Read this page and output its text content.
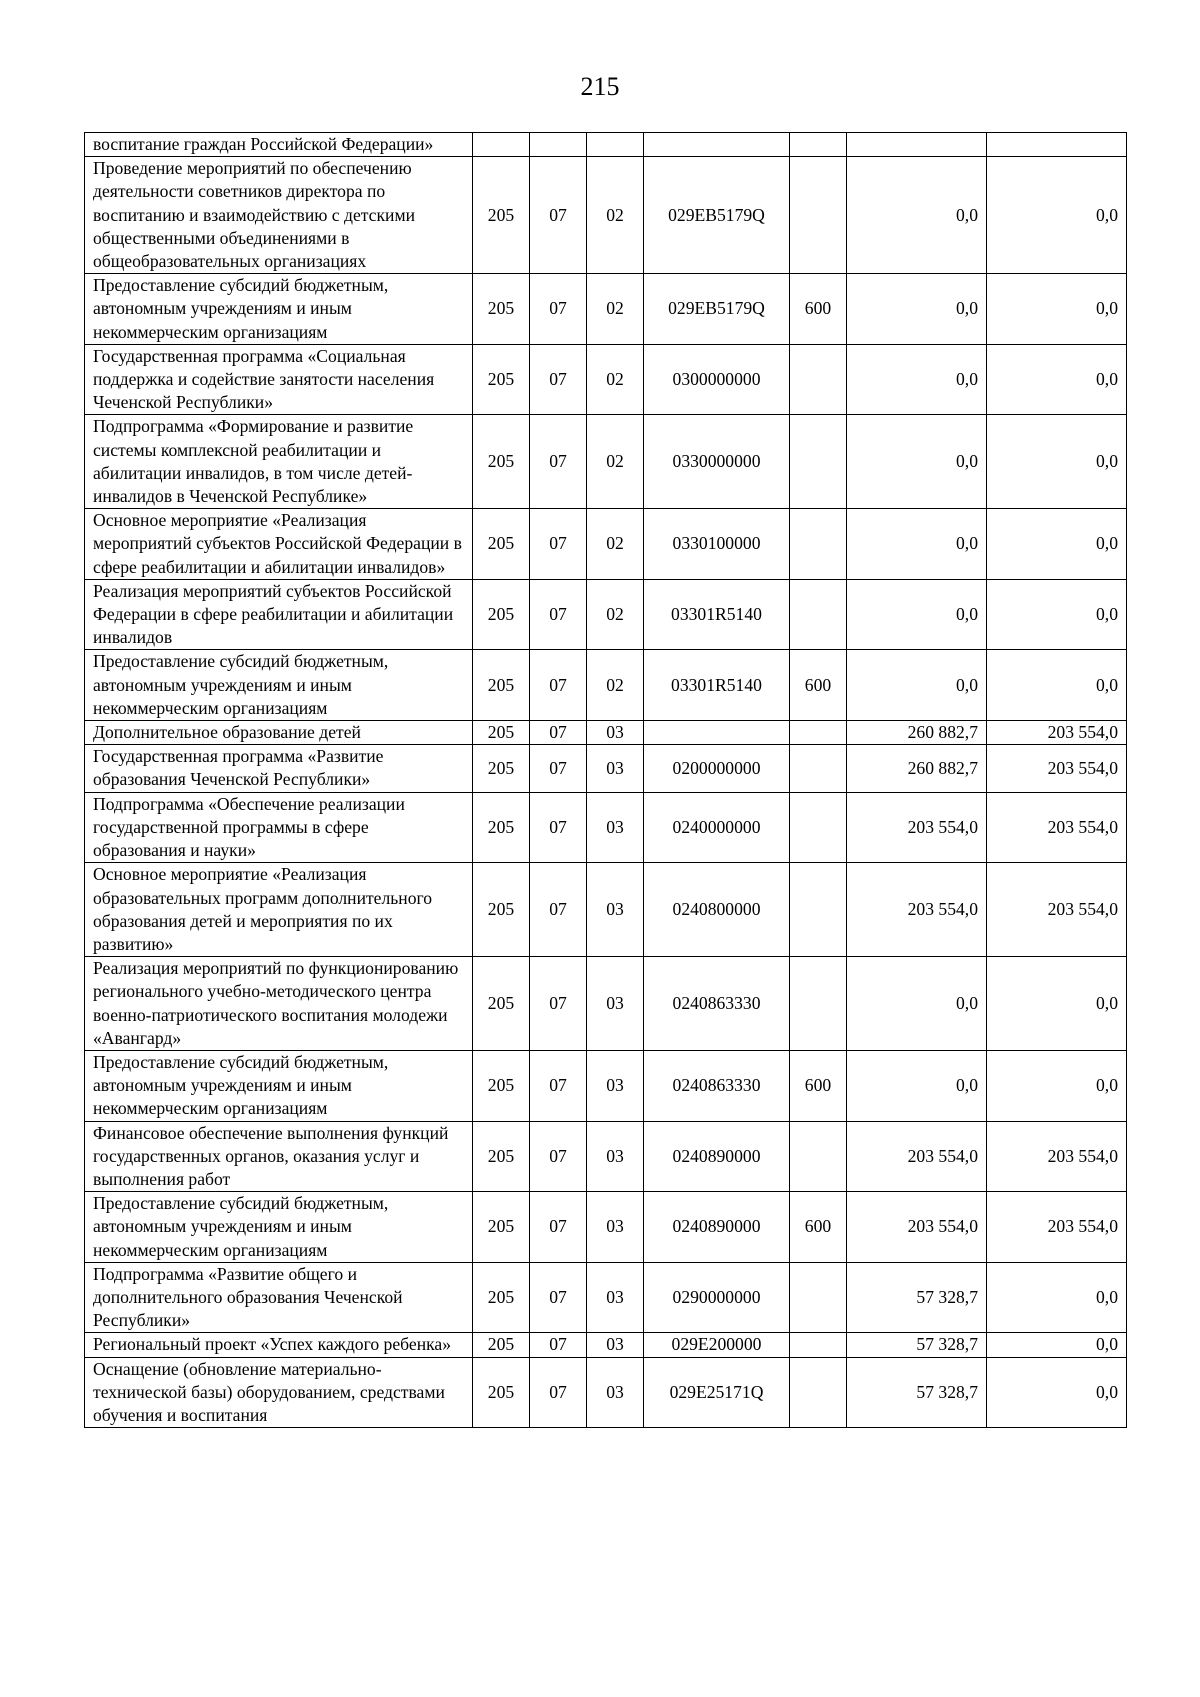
215
воспитание граждан Российской Федерации»							
Проведение мероприятий по обеспечению деятельности советников директора по воспитанию и взаимодействию с детскими общественными объединениями в общеобразовательных организациях	205	07	02	029EB5179Q		0,0	0,0
Предоставление субсидий бюджетным, автономным учреждениям и иным некоммерческим организациям	205	07	02	029EB5179Q	600	0,0	0,0
Государственная программа «Социальная поддержка и содействие занятости населения Чеченской Республики»	205	07	02	0300000000		0,0	0,0
Подпрограмма «Формирование и развитие системы комплексной реабилитации и абилитации инвалидов, в том числе детей-инвалидов в Чеченской Республике»	205	07	02	0330000000		0,0	0,0
Основное мероприятие «Реализация мероприятий субъектов Российской Федерации в сфере реабилитации и абилитации инвалидов»	205	07	02	0330100000		0,0	0,0
Реализация мероприятий субъектов Российской Федерации в сфере реабилитации и абилитации инвалидов	205	07	02	03301R5140		0,0	0,0
Предоставление субсидий бюджетным, автономным учреждениям и иным некоммерческим организациям	205	07	02	03301R5140	600	0,0	0,0
Дополнительное образование детей	205	07	03			260 882,7	203 554,0
Государственная программа «Развитие образования Чеченской Республики»	205	07	03	0200000000		260 882,7	203 554,0
Подпрограмма «Обеспечение реализации государственной программы в сфере образования и науки»	205	07	03	0240000000		203 554,0	203 554,0
Основное мероприятие «Реализация образовательных программ дополнительного образования детей и мероприятия по их развитию»	205	07	03	0240800000		203 554,0	203 554,0
Реализация мероприятий по функционированию регионального учебно-методического центра военно-патриотического воспитания молодежи «Авангард»	205	07	03	0240863330		0,0	0,0
Предоставление субсидий бюджетным, автономным учреждениям и иным некоммерческим организациям	205	07	03	0240863330	600	0,0	0,0
Финансовое обеспечение выполнения функций государственных органов, оказания услуг и выполнения работ	205	07	03	0240890000		203 554,0	203 554,0
Предоставление субсидий бюджетным, автономным учреждениям и иным некоммерческим организациям	205	07	03	0240890000	600	203 554,0	203 554,0
Подпрограмма «Развитие общего и дополнительного образования Чеченской Республики»	205	07	03	0290000000		57 328,7	0,0
Региональный проект «Успех каждого ребенка»	205	07	03	029E200000		57 328,7	0,0
Оснащение (обновление материально-технической базы) оборудованием, средствами обучения и воспитания	205	07	03	029E25171Q		57 328,7	0,0
